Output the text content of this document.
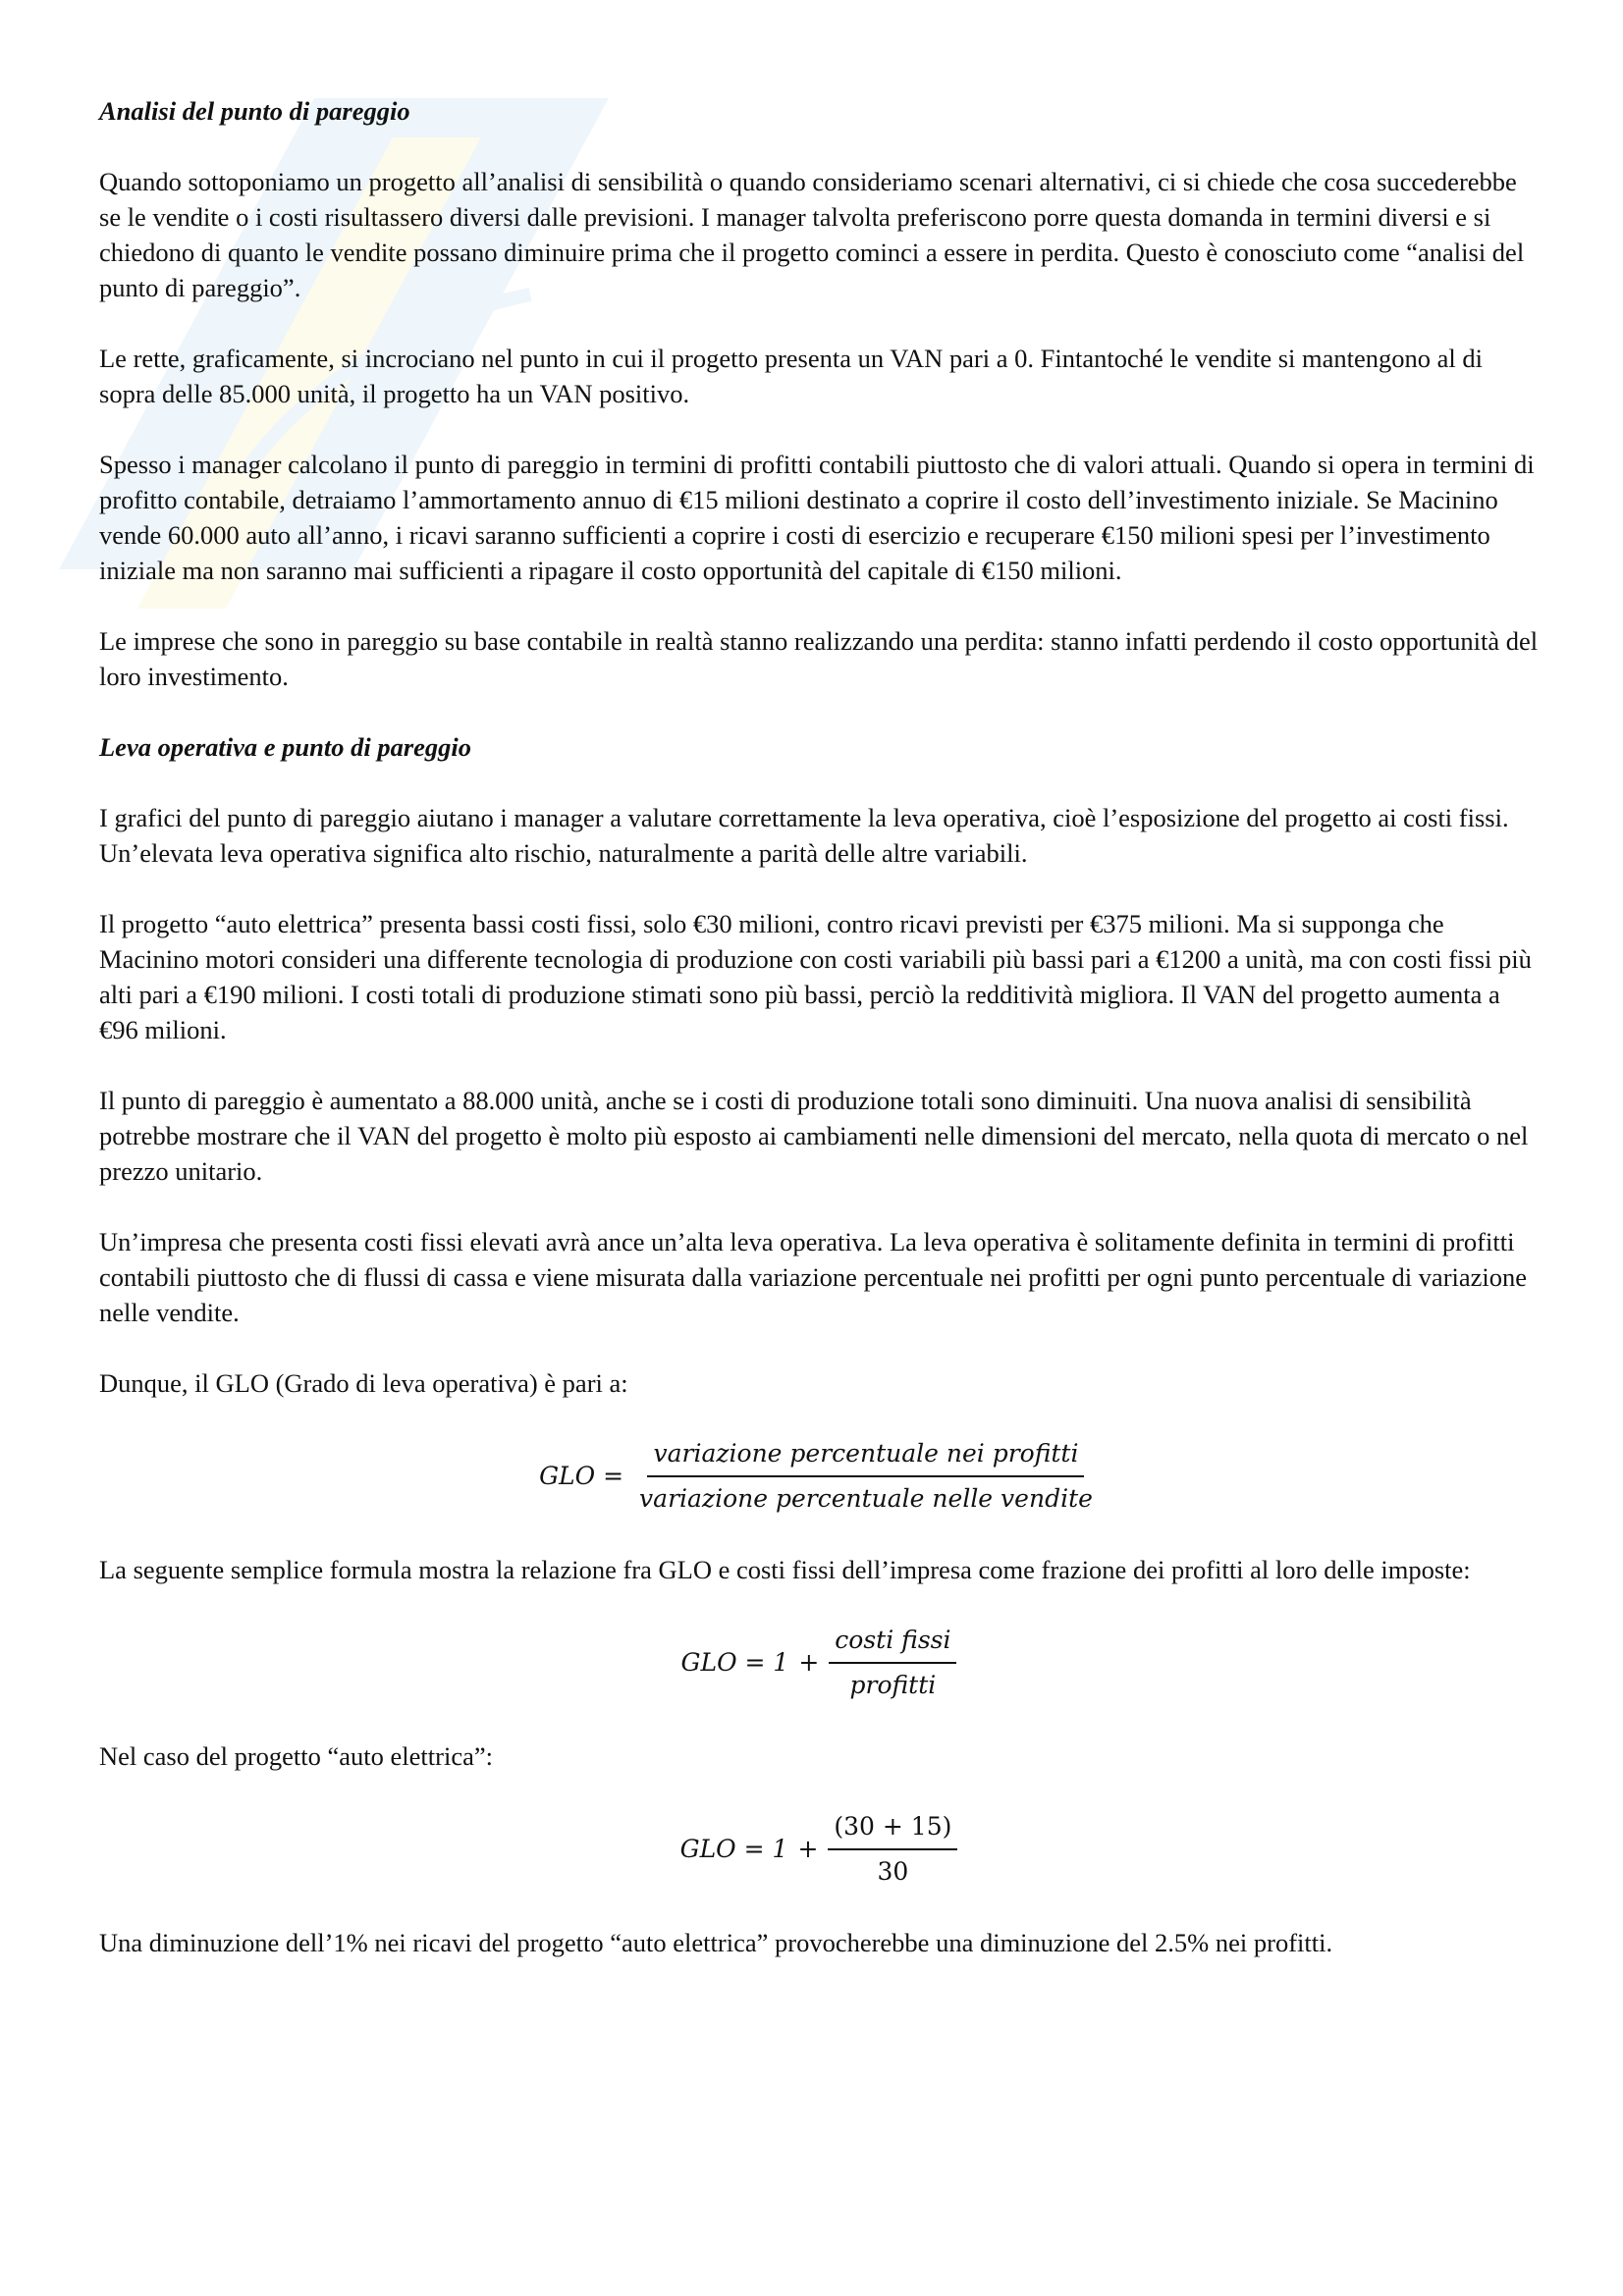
Analisi del punto di pareggio

Quando sottoponiamo un progetto all’analisi di sensibilità o quando consideriamo scenari alternativi, ci si chiede che cosa succederebbe se le vendite o i costi risultassero diversi dalle previsioni. I manager talvolta preferiscono porre questa domanda in termini diversi e si chiedono di quanto le vendite possano diminuire prima che il progetto cominci a essere in perdita. Questo è conosciuto come “analisi del punto di pareggio”.

Le rette, graficamente, si incrociano nel punto in cui il progetto presenta un VAN pari a 0. Fintantoché le vendite si mantengono al di sopra delle 85.000 unità, il progetto ha un VAN positivo.

Spesso i manager calcolano il punto di pareggio in termini di profitti contabili piuttosto che di valori attuali. Quando si opera in termini di profitto contabile, detraiamo l’ammortamento annuo di €15 milioni destinato a coprire il costo dell’investimento iniziale. Se Macinino vende 60.000 auto all’anno, i ricavi saranno sufficienti a coprire i costi di esercizio e recuperare €150 milioni spesi per l’investimento iniziale ma non saranno mai sufficienti a ripagare il costo opportunità del capitale di €150 milioni.

Le imprese che sono in pareggio su base contabile in realtà stanno realizzando una perdita: stanno infatti perdendo il costo opportunità del loro investimento.

Leva operativa e punto di pareggio

I grafici del punto di pareggio aiutano i manager a valutare correttamente la leva operativa, cioè l’esposizione del progetto ai costi fissi. Un’elevata leva operativa significa alto rischio, naturalmente a parità delle altre variabili.

Il progetto “auto elettrica” presenta bassi costi fissi, solo €30 milioni, contro ricavi previsti per €375 milioni. Ma si supponga che Macinino motori consideri una differente tecnologia di produzione con costi variabili più bassi pari a €1200 a unità, ma con costi fissi più alti pari a €190 milioni. I costi totali di produzione stimati sono più bassi, perciò la redditività migliora. Il VAN del progetto aumenta a €96 milioni.

Il punto di pareggio è aumentato a 88.000 unità, anche se i costi di produzione totali sono diminuiti. Una nuova analisi di sensibilità potrebbe mostrare che il VAN del progetto è molto più esposto ai cambiamenti nelle dimensioni del mercato, nella quota di mercato o nel prezzo unitario.

Un’impresa che presenta costi fissi elevati avrà ance un’alta leva operativa. La leva operativa è solitamente definita in termini di profitti contabili piuttosto che di flussi di cassa e viene misurata dalla variazione percentuale nei profitti per ogni punto percentuale di variazione nelle vendite.

Dunque, il GLO (Grado di leva operativa) è pari a:

GLO = $\frac{\text{variazione percentuale nei profitti}}{\text{variazione percentuale nelle vendite}}$

La seguente semplice formula mostra la relazione fra GLO e costi fissi dell’impresa come frazione dei profitti al loro delle imposte:

GLO = $1 + \frac{\text{costi fissi}}{\text{profitti}}$

Nel caso del progetto “auto elettrica”:

GLO = $1 + \frac{(30 + 15)}{30}$

Una diminuzione dell’1% nei ricavi del progetto “auto elettrica” provocherebbe una diminuzione del 2.5% nei profitti.
